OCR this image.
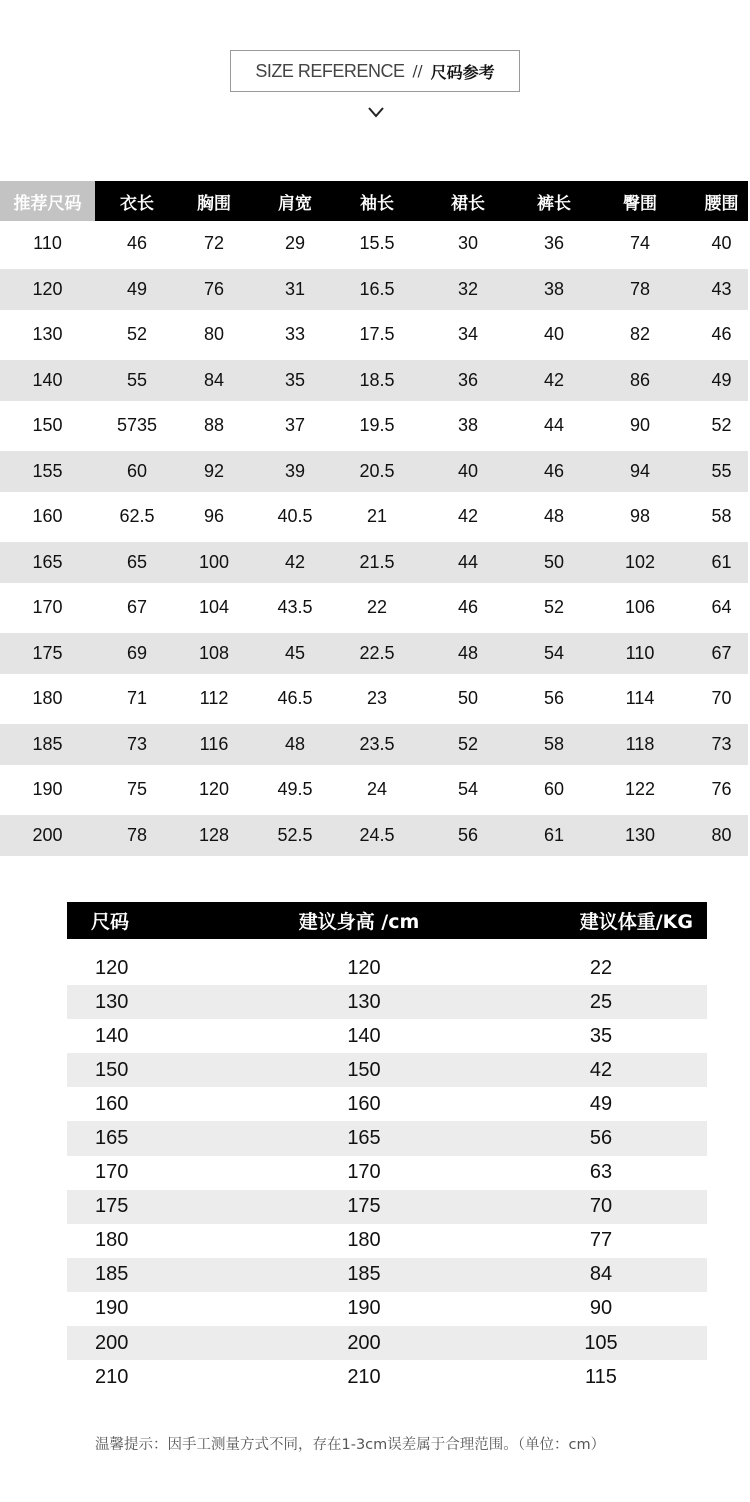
SIZE REFERENCE // 尺码参考
推荐尺码	衣长	胸围	肩宽	袖长	裙长	裤长	臀围	腰围
110	46	72	29	15.5	30	36	74	40
120	49	76	31	16.5	32	38	78	43
130	52	80	33	17.5	34	40	82	46
140	55	84	35	18.5	36	42	86	49
150	5735	88	37	19.5	38	44	90	52
155	60	92	39	20.5	40	46	94	55
160	62.5	96	40.5	21	42	48	98	58
165	65	100	42	21.5	44	50	102	61
170	67	104	43.5	22	46	52	106	64
175	69	108	45	22.5	48	54	110	67
180	71	112	46.5	23	50	56	114	70
185	73	116	48	23.5	52	58	118	73
190	75	120	49.5	24	54	60	122	76
200	78	128	52.5	24.5	56	61	130	80
尺码	建议身高 /cm	建议体重/KG
120	120	22
130	130	25
140	140	35
150	150	42
160	160	49
165	165	56
170	170	63
175	175	70
180	180	77
185	185	84
190	190	90
200	200	105
210	210	115
温馨提示：因手工测量方式不同，存在1-3cm误差属于合理范围。（单位：cm）
